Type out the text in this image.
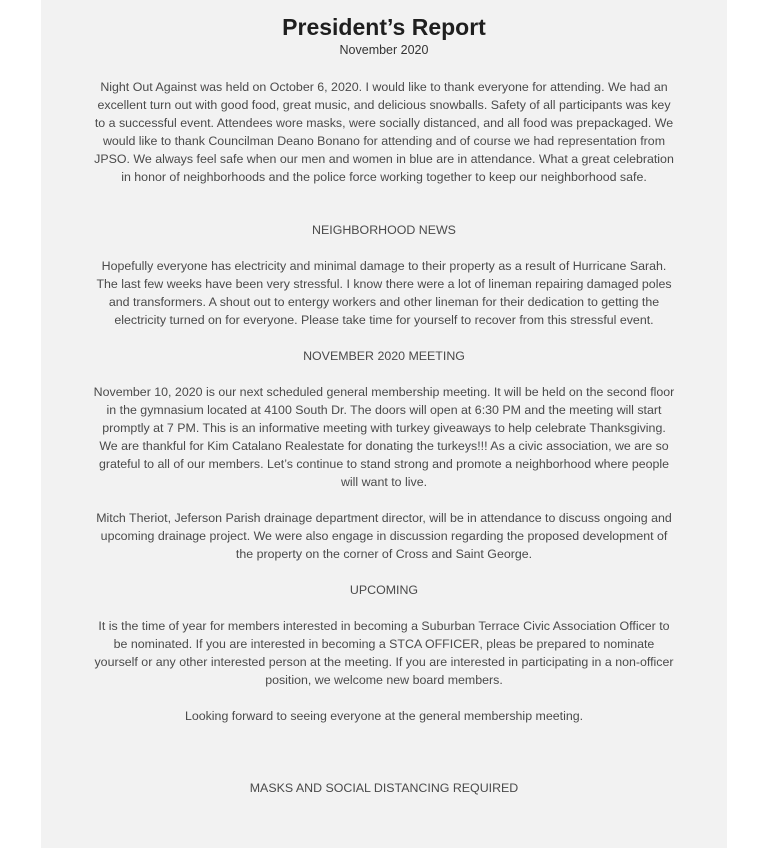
President’s Report
November 2020

Night Out Against was held on October 6, 2020. I would like to thank everyone for attending. We had an excellent turn out with good food, great music, and delicious snowballs. Safety of all participants was key to a successful event. Attendees wore masks, were socially distanced, and all food was prepackaged. We would like to thank Councilman Deano Bonano for attending and of course we had representation from JPSO. We always feel safe when our men and women in blue are in attendance. What a great celebration in honor of neighborhoods and the police force working together to keep our neighborhood safe.

NEIGHBORHOOD NEWS

Hopefully everyone has electricity and minimal damage to their property as a result of Hurricane Sarah. The last few weeks have been very stressful. I know there were a lot of lineman repairing damaged poles and transformers. A shout out to entergy workers and other lineman for their dedication to getting the electricity turned on for everyone. Please take time for yourself to recover from this stressful event.

NOVEMBER 2020 MEETING

November 10, 2020 is our next scheduled general membership meeting. It will be held on the second floor in the gymnasium located at 4100 South Dr. The doors will open at 6:30 PM and the meeting will start promptly at 7 PM. This is an informative meeting with turkey giveaways to help celebrate Thanksgiving. We are thankful for Kim Catalano Realestate for donating the turkeys!!! As a civic association, we are so grateful to all of our members. Let’s continue to stand strong and promote a neighborhood where people will want to live.

Mitch Theriot, Jeferson Parish drainage department director, will be in attendance to discuss ongoing and upcoming drainage project. We were also engage in discussion regarding the proposed development of the property on the corner of Cross and Saint George.

UPCOMING

It is the time of year for members interested in becoming a Suburban Terrace Civic Association Officer to be nominated. If you are interested in becoming a STCA OFFICER, pleas be prepared to nominate yourself or any other interested person at the meeting. If you are interested in participating in a non-officer position, we welcome new board members.

Looking forward to seeing everyone at the general membership meeting.

MASKS AND SOCIAL DISTANCING REQUIRED
